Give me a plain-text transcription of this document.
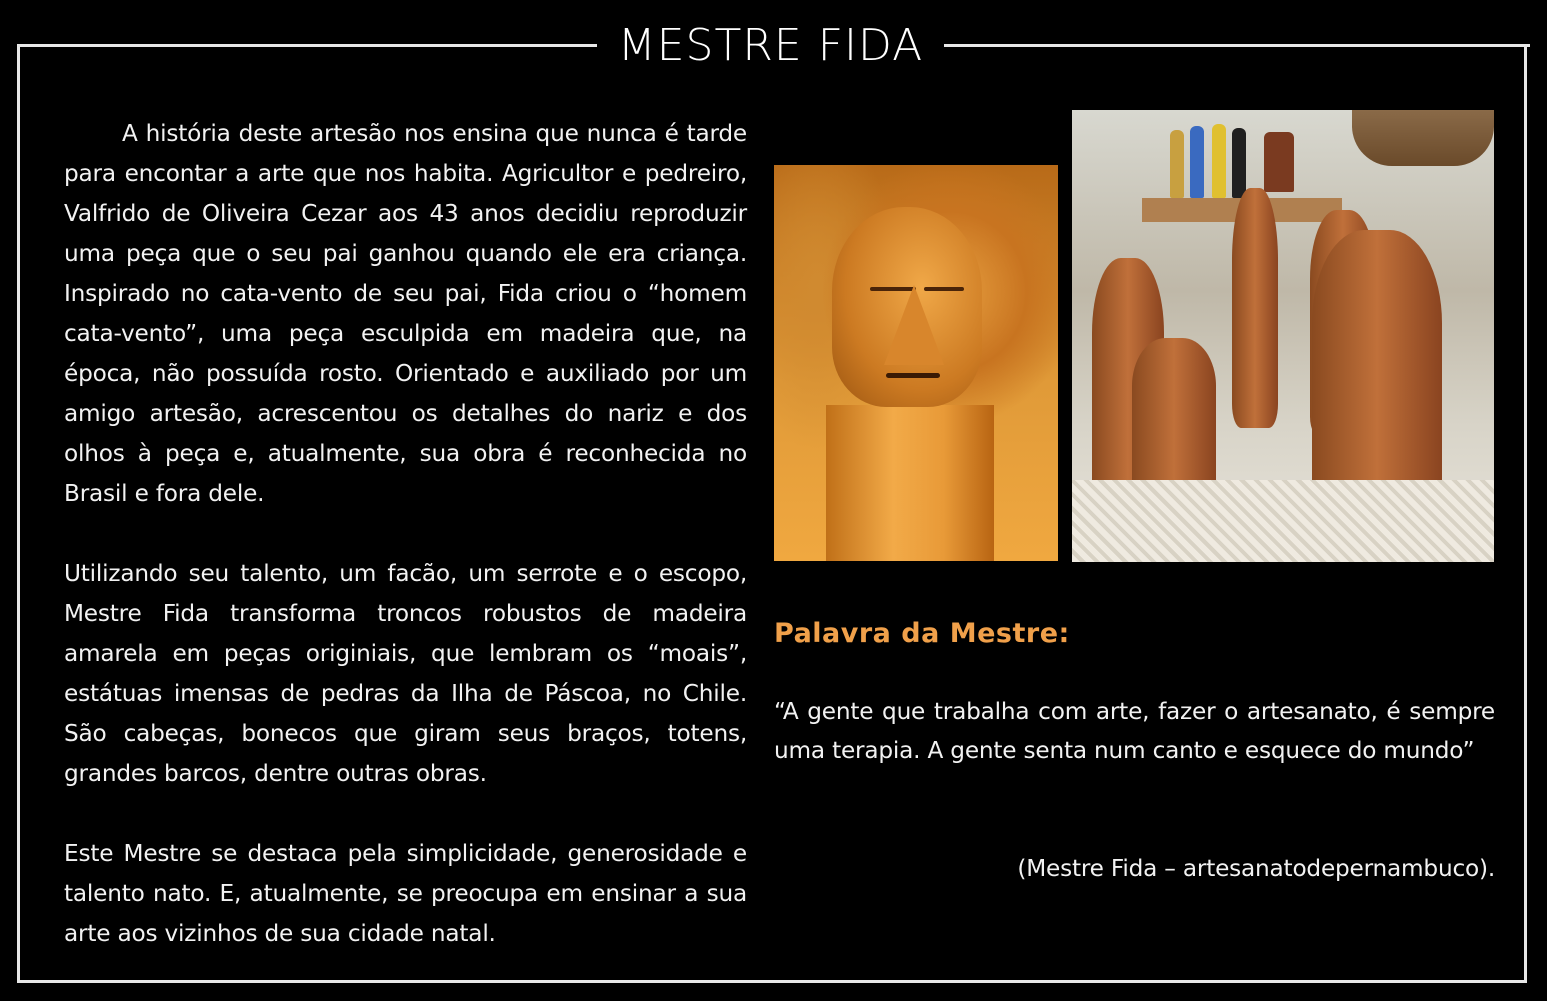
MESTRE FIDA

A história deste artesão nos ensina que nunca é tarde para encontar a arte que nos habita. Agricultor e pedreiro, Valfrido de Oliveira Cezar aos 43 anos decidiu reproduzir uma peça que o seu pai ganhou quando ele era criança. Inspirado no cata-vento de seu pai, Fida criou o “homem cata-vento”, uma peça esculpida em madeira que, na época, não possuída rosto. Orientado e auxiliado por um amigo artesão, acrescentou os detalhes do nariz e dos olhos à peça e, atualmente, sua obra é reconhecida no Brasil e fora dele.

Utilizando seu talento, um facão, um serrote e o escopo, Mestre Fida transforma troncos robustos de madeira amarela em peças originiais, que lembram os “moais”, estátuas imensas de pedras da Ilha de Páscoa, no Chile. São cabeças, bonecos que giram seus braços, totens, grandes barcos, dentre outras obras.

Este Mestre se destaca pela simplicidade, generosidade e talento nato. E, atualmente, se preocupa em ensinar a sua arte aos vizinhos de sua cidade natal.

Palavra da Mestre:

“A gente que trabalha com arte, fazer o artesanato, é sempre uma terapia. A gente senta num canto e esquece do mundo”

(Mestre Fida – artesanatodepernambuco).
